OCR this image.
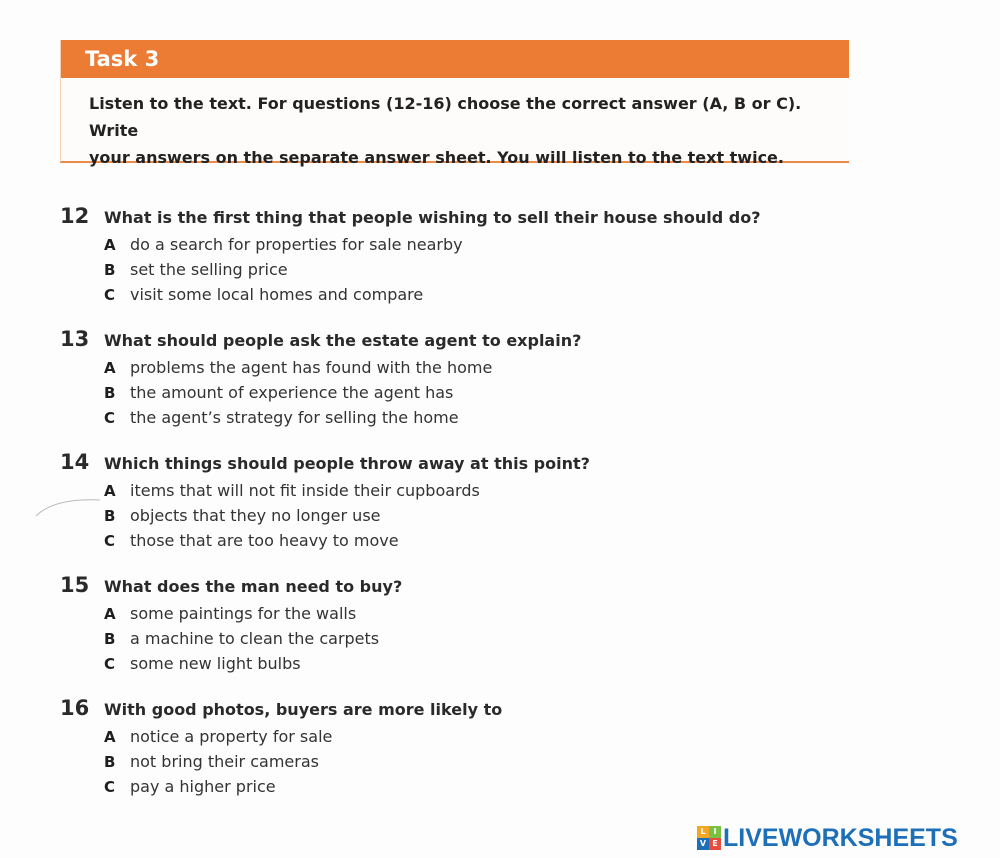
Task 3
Listen to the text. For questions (12-16) choose the correct answer (A, B or C). Write
your answers on the separate answer sheet. You will listen to the text twice.
12 What is the first thing that people wishing to sell their house should do?
A do a search for properties for sale nearby
B set the selling price
C visit some local homes and compare
13 What should people ask the estate agent to explain?
A problems the agent has found with the home
B the amount of experience the agent has
C the agent’s strategy for selling the home
14 Which things should people throw away at this point?
A items that will not fit inside their cupboards
B objects that they no longer use
C those that are too heavy to move
15 What does the man need to buy?
A some paintings for the walls
B a machine to clean the carpets
C some new light bulbs
16 With good photos, buyers are more likely to
A notice a property for sale
B not bring their cameras
C pay a higher price
L I
V E LIVEWORKSHEETS
